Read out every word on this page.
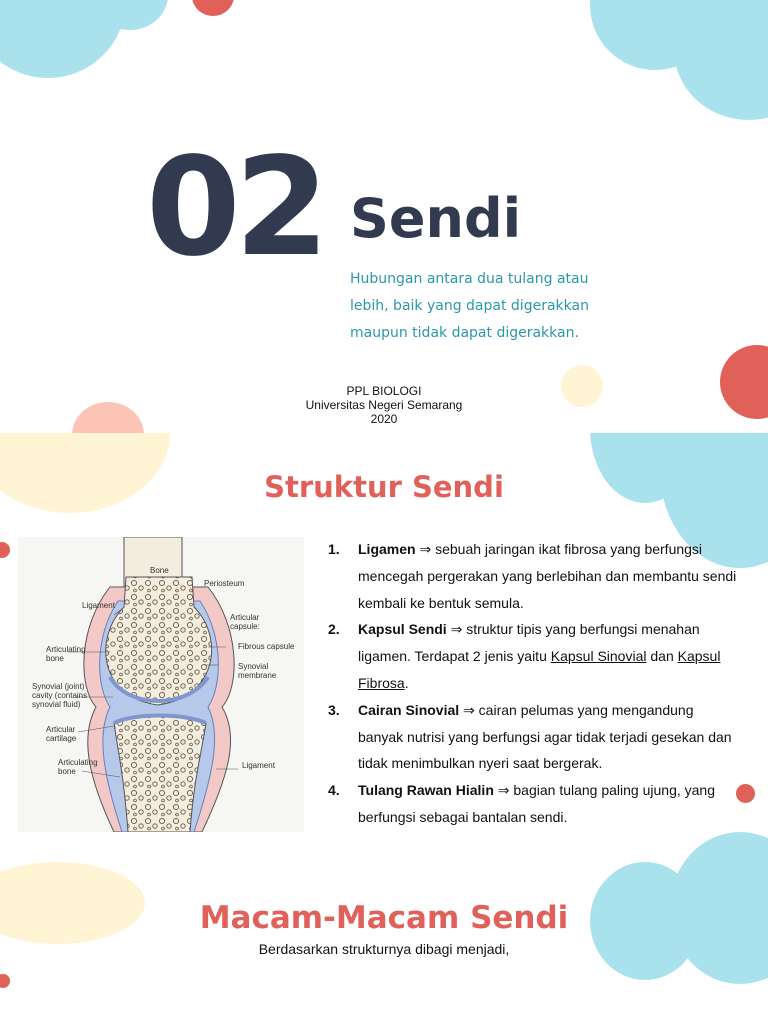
02 Sendi
Hubungan antara dua tulang atau lebih, baik yang dapat digerakkan maupun tidak dapat digerakkan.
PPL BIOLOGI
Universitas Negeri Semarang
2020
Struktur Sendi
Bone
Periosteum
Ligament
Articular
capsule:
Fibrous capsule
Synovial
membrane
Articulating
bone
Synovial (joint)
cavity (contains
synovial fluid)
Articular
cartilage
Articulating
bone
Ligament
1. Ligamen ⇒ sebuah jaringan ikat fibrosa yang berfungsi mencegah pergerakan yang berlebihan dan membantu sendi kembali ke bentuk semula.
2. Kapsul Sendi ⇒ struktur tipis yang berfungsi menahan ligamen. Terdapat 2 jenis yaitu Kapsul Sinovial dan Kapsul Fibrosa.
3. Cairan Sinovial ⇒ cairan pelumas yang mengandung banyak nutrisi yang berfungsi agar tidak terjadi gesekan dan tidak menimbulkan nyeri saat bergerak.
4. Tulang Rawan Hialin ⇒ bagian tulang paling ujung, yang berfungsi sebagai bantalan sendi.
Macam-Macam Sendi
Berdasarkan strukturnya dibagi menjadi,
